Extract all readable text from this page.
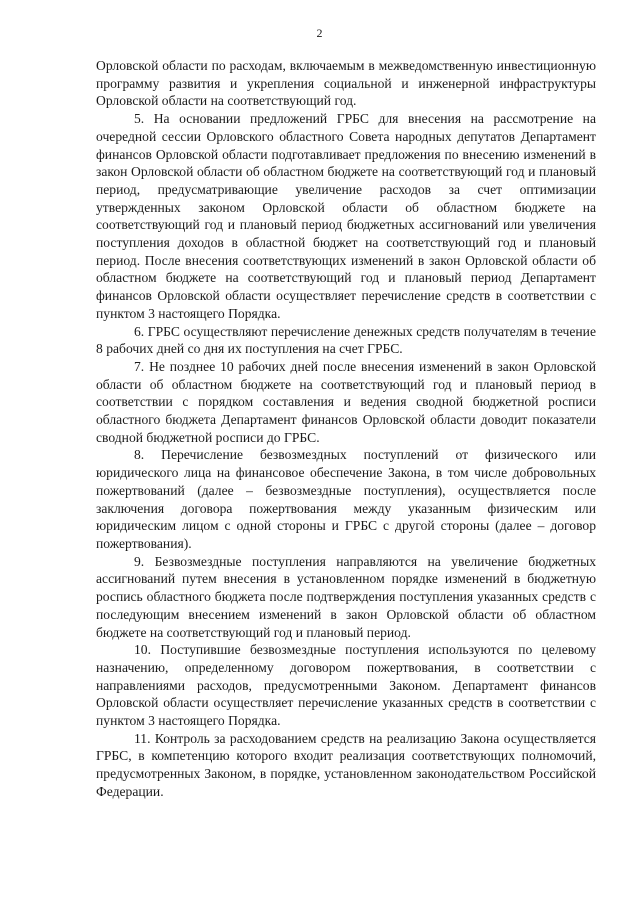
2

Орловской области по расходам, включаемым в межведомственную инвестиционную программу развития и укрепления социальной и инженерной инфраструктуры Орловской области на соответствующий год.

5. На основании предложений ГРБС для внесения на рассмотрение на очередной сессии Орловского областного Совета народных депутатов Департамент финансов Орловской области подготавливает предложения по внесению изменений в закон Орловской области об областном бюджете на соответствующий год и плановый период, предусматривающие увеличение расходов за счет оптимизации утвержденных законом Орловской области об областном бюджете на соответствующий год и плановый период бюджетных ассигнований или увеличения поступления доходов в областной бюджет на соответствующий год и плановый период. После внесения соответствующих изменений в закон Орловской области об областном бюджете на соответствующий год и плановый период Департамент финансов Орловской области осуществляет перечисление средств в соответствии с пунктом 3 настоящего Порядка.

6. ГРБС осуществляют перечисление денежных средств получателям в течение 8 рабочих дней со дня их поступления на счет ГРБС.

7. Не позднее 10 рабочих дней после внесения изменений в закон Орловской области об областном бюджете на соответствующий год и плановый период в соответствии с порядком составления и ведения сводной бюджетной росписи областного бюджета Департамент финансов Орловской области доводит показатели сводной бюджетной росписи до ГРБС.

8. Перечисление безвозмездных поступлений от физического или юридического лица на финансовое обеспечение Закона, в том числе добровольных пожертвований (далее – безвозмездные поступления), осуществляется после заключения договора пожертвования между указанным физическим или юридическим лицом с одной стороны и ГРБС с другой стороны (далее – договор пожертвования).

9. Безвозмездные поступления направляются на увеличение бюджетных ассигнований путем внесения в установленном порядке изменений в бюджетную роспись областного бюджета после подтверждения поступления указанных средств с последующим внесением изменений в закон Орловской области об областном бюджете на соответствующий год и плановый период.

10. Поступившие безвозмездные поступления используются по целевому назначению, определенному договором пожертвования, в соответствии с направлениями расходов, предусмотренными Законом. Департамент финансов Орловской области осуществляет перечисление указанных средств в соответствии с пунктом 3 настоящего Порядка.

11. Контроль за расходованием средств на реализацию Закона осуществляется ГРБС, в компетенцию которого входит реализация соответствующих полномочий, предусмотренных Законом, в порядке, установленном законодательством Российской Федерации.
